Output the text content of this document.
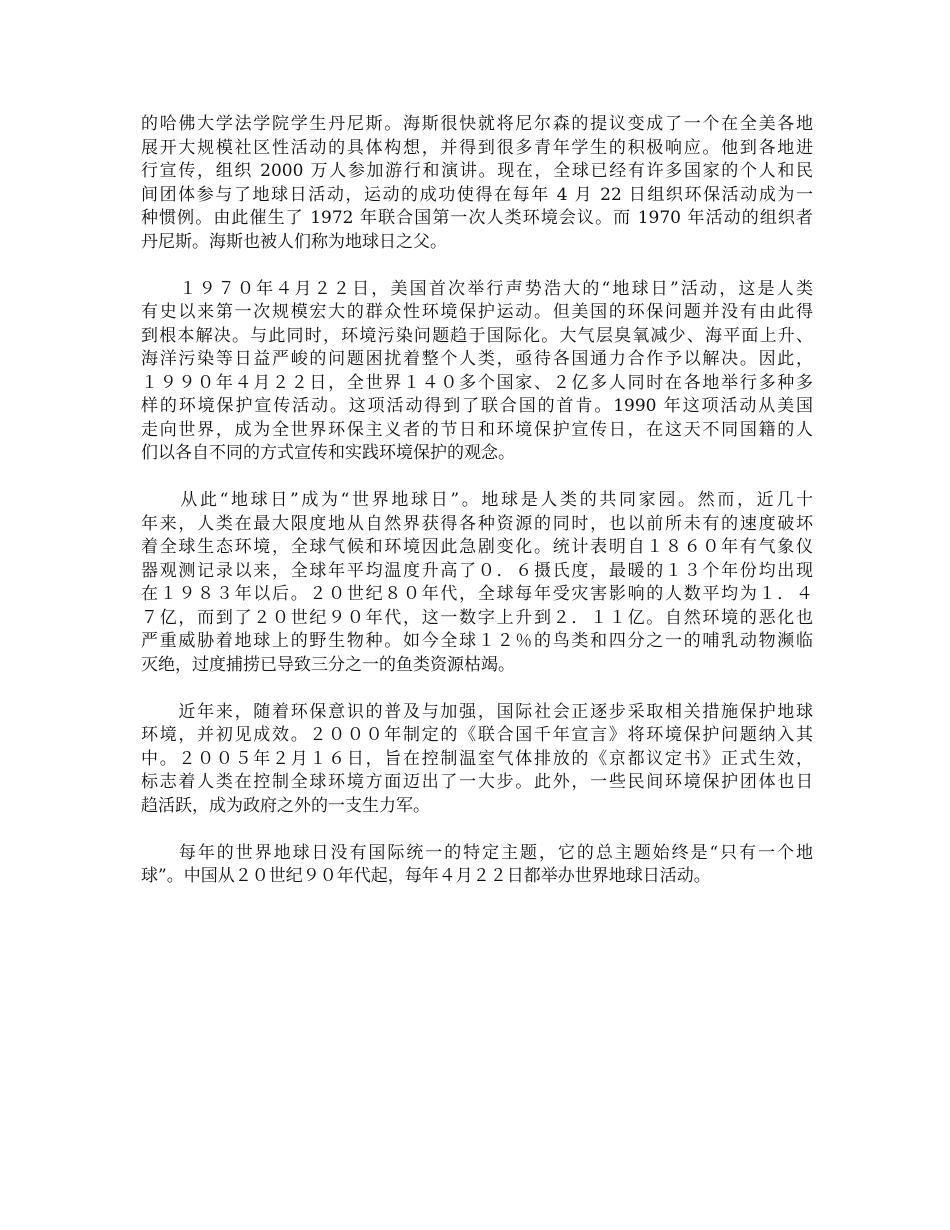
的哈佛大学法学院学生丹尼斯。海斯很快就将尼尔森的提议变成了一个在全美各地
展开大规模社区性活动的具体构想，并得到很多青年学生的积极响应。他到各地进
行宣传，组织 2000 万人参加游行和演讲。现在，全球已经有许多国家的个人和民
间团体参与了地球日活动，运动的成功使得在每年 4 月 22 日组织环保活动成为一
种惯例。由此催生了 1972 年联合国第一次人类环境会议。而 1970 年活动的组织者
丹尼斯。海斯也被人们称为地球日之父。
　　１９７０年４月２２日，美国首次举行声势浩大的“地球日”活动，这是人类
有史以来第一次规模宏大的群众性环境保护运动。但美国的环保问题并没有由此得
到根本解决。与此同时，环境污染问题趋于国际化。大气层臭氧减少、海平面上升、
海洋污染等日益严峻的问题困扰着整个人类，亟待各国通力合作予以解决。因此，
１９９０年４月２２日，全世界１４０多个国家、２亿多人同时在各地举行多种多
样的环境保护宣传活动。这项活动得到了联合国的首肯。1990 年这项活动从美国
走向世界，成为全世界环保主义者的节日和环境保护宣传日，在这天不同国籍的人
们以各自不同的方式宣传和实践环境保护的观念。
　　从此“地球日”成为“世界地球日”。地球是人类的共同家园。然而，近几十
年来，人类在最大限度地从自然界获得各种资源的同时，也以前所未有的速度破坏
着全球生态环境，全球气候和环境因此急剧变化。统计表明自１８６０年有气象仪
器观测记录以来，全球年平均温度升高了０．６摄氏度，最暖的１３个年份均出现
在１９８３年以后。２０世纪８０年代，全球每年受灾害影响的人数平均为１．４
７亿，而到了２０世纪９０年代，这一数字上升到２．１１亿。自然环境的恶化也
严重威胁着地球上的野生物种。如今全球１２％的鸟类和四分之一的哺乳动物濒临
灭绝，过度捕捞已导致三分之一的鱼类资源枯竭。
　　近年来，随着环保意识的普及与加强，国际社会正逐步采取相关措施保护地球
环境，并初见成效。２０００年制定的《联合国千年宣言》将环境保护问题纳入其
中。２００５年２月１６日，旨在控制温室气体排放的《京都议定书》正式生效，
标志着人类在控制全球环境方面迈出了一大步。此外，一些民间环境保护团体也日
趋活跃，成为政府之外的一支生力军。
　　每年的世界地球日没有国际统一的特定主题，它的总主题始终是“只有一个地
球”。中国从２０世纪９０年代起，每年４月２２日都举办世界地球日活动。
